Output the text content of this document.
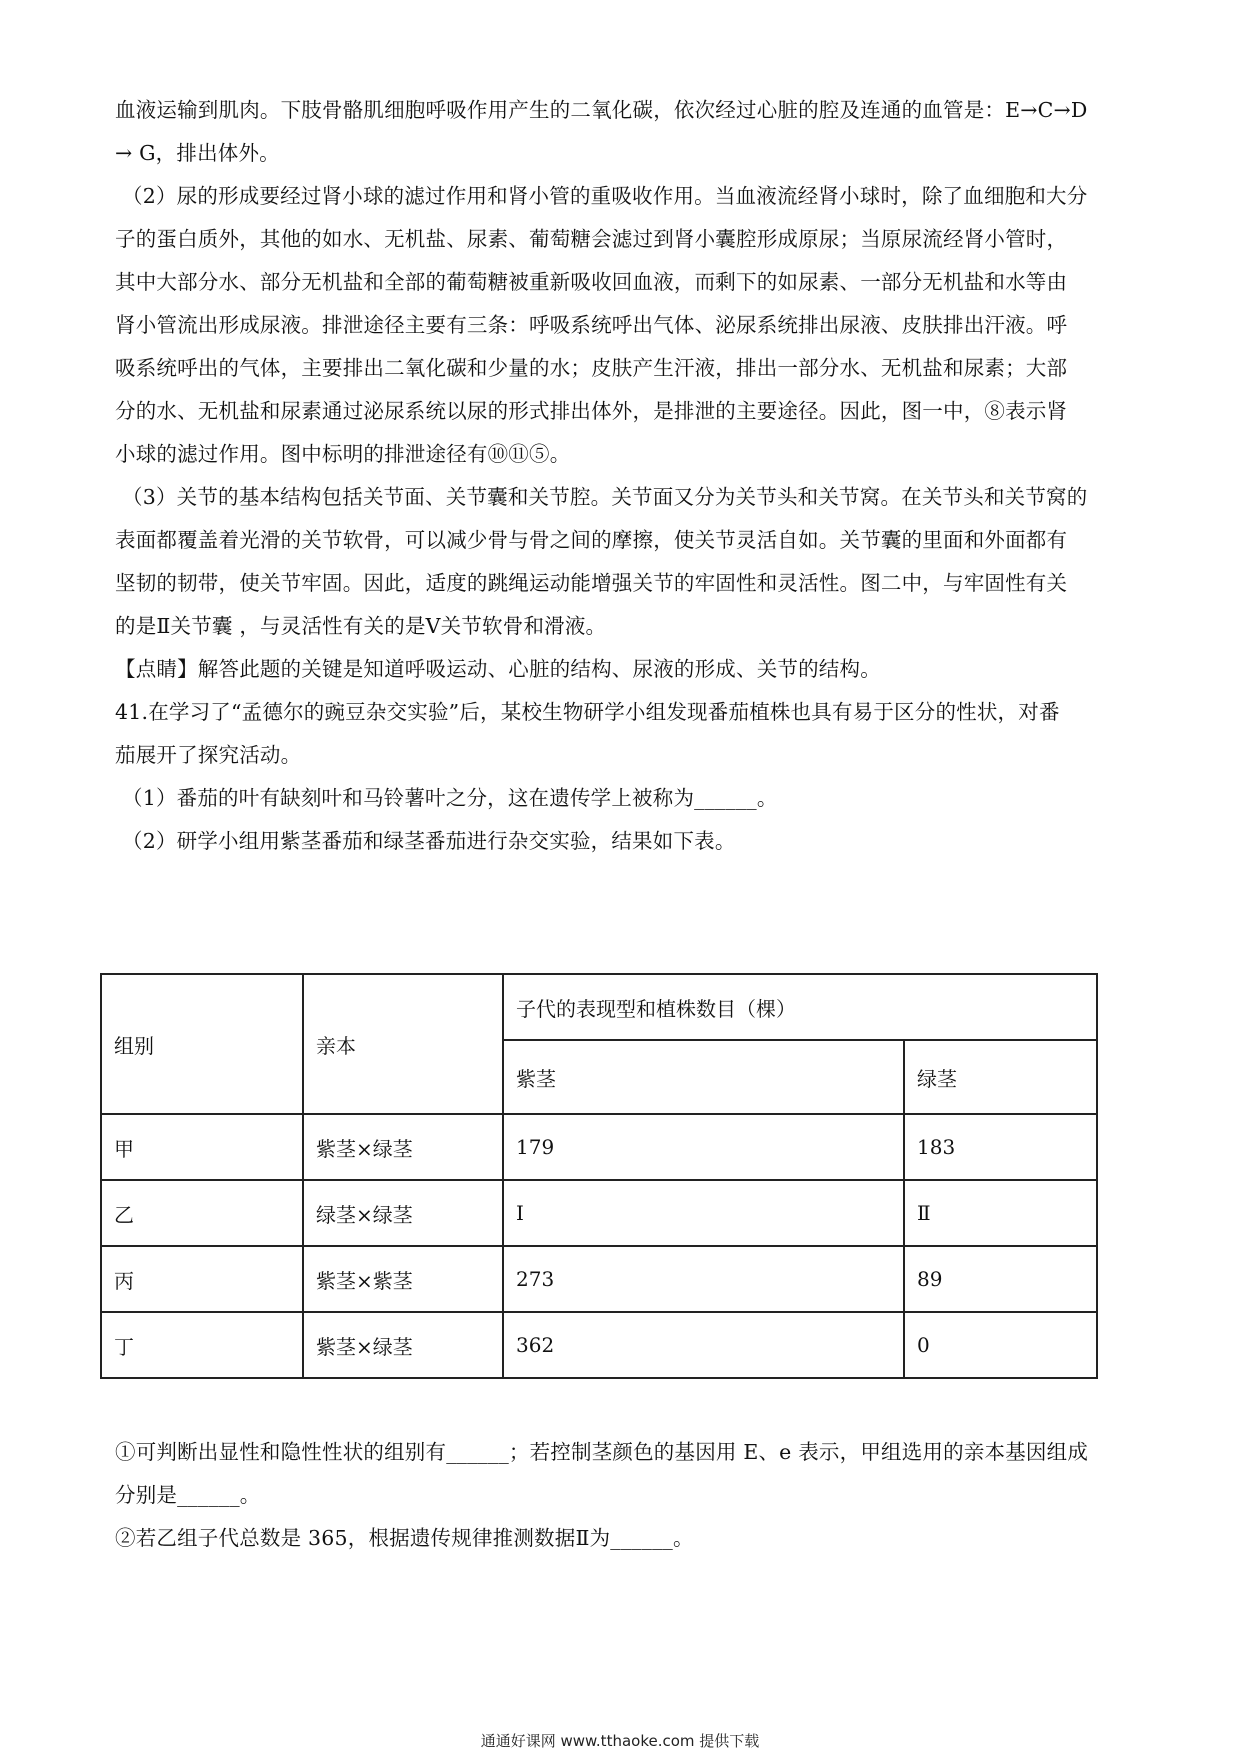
血液运输到肌肉。下肢骨骼肌细胞呼吸作用产生的二氧化碳，依次经过心脏的腔及连通的血管是：E→C→D
→ G，排出体外。
（2）尿的形成要经过肾小球的滤过作用和肾小管的重吸收作用。当血液流经肾小球时，除了血细胞和大分
子的蛋白质外，其他的如水、无机盐、尿素、葡萄糖会滤过到肾小囊腔形成原尿；当原尿流经肾小管时，
其中大部分水、部分无机盐和全部的葡萄糖被重新吸收回血液，而剩下的如尿素、一部分无机盐和水等由
肾小管流出形成尿液。排泄途径主要有三条：呼吸系统呼出气体、泌尿系统排出尿液、皮肤排出汗液。呼
吸系统呼出的气体，主要排出二氧化碳和少量的水；皮肤产生汗液，排出一部分水、无机盐和尿素；大部
分的水、无机盐和尿素通过泌尿系统以尿的形式排出体外，是排泄的主要途径。因此，图一中，⑧表示肾
小球的滤过作用。图中标明的排泄途径有⑩⑪⑤。
（3）关节的基本结构包括关节面、关节囊和关节腔。关节面又分为关节头和关节窝。在关节头和关节窝的
表面都覆盖着光滑的关节软骨，可以减少骨与骨之间的摩擦，使关节灵活自如。关节囊的里面和外面都有
坚韧的韧带，使关节牢固。因此，适度的跳绳运动能增强关节的牢固性和灵活性。图二中，与牢固性有关
的是Ⅱ关节囊 ，与灵活性有关的是Ⅴ关节软骨和滑液。
【点睛】解答此题的关键是知道呼吸运动、心脏的结构、尿液的形成、关节的结构。
41.在学习了“孟德尔的豌豆杂交实验”后，某校生物研学小组发现番茄植株也具有易于区分的性状，对番
茄展开了探究活动。
（1）番茄的叶有缺刻叶和马铃薯叶之分，这在遗传学上被称为______。
（2）研学小组用紫茎番茄和绿茎番茄进行杂交实验，结果如下表。
组别	亲本	子代的表现型和植株数目（棵）	
		紫茎	绿茎
甲	紫茎×绿茎	179	183
乙	绿茎×绿茎	Ⅰ	Ⅱ
丙	紫茎×紫茎	273	89
丁	紫茎×绿茎	362	0
①可判断出显性和隐性性状的组别有______；若控制茎颜色的基因用 E、e 表示，甲组选用的亲本基因组成
分别是______。
②若乙组子代总数是 365，根据遗传规律推测数据Ⅱ为______。
通通好课网 www.tthaoke.com 提供下载
